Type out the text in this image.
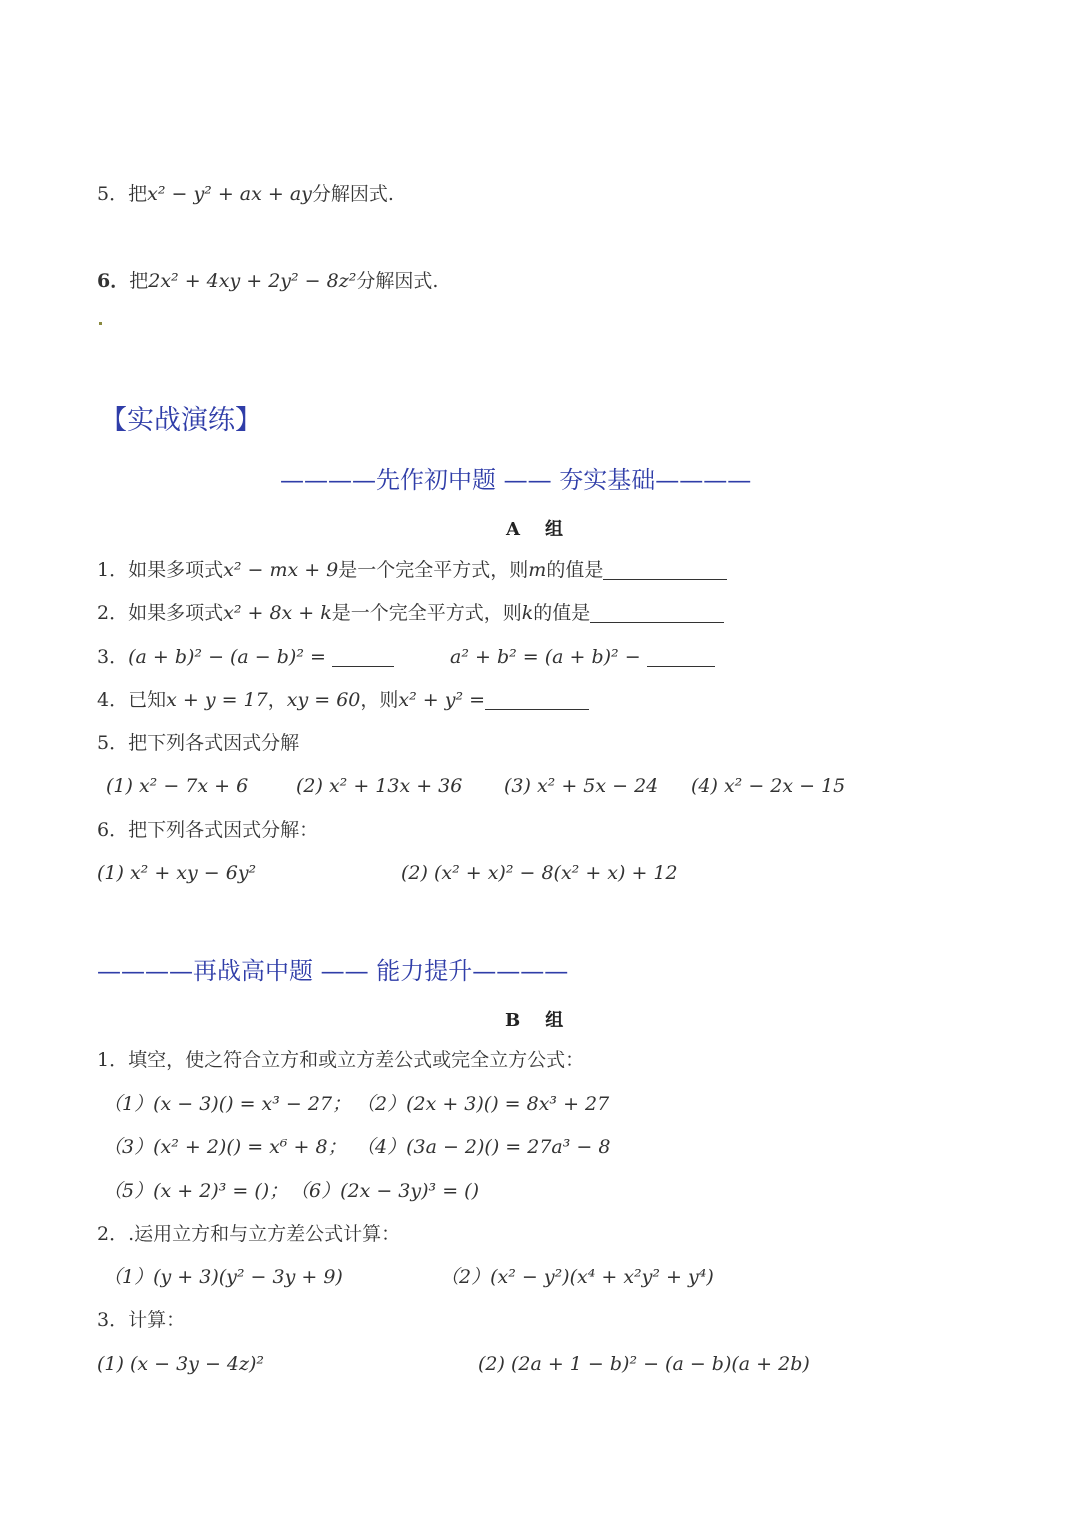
5．把x² − y² + ax + ay分解因式.
6．把2x² + 4xy + 2y² − 8z²分解因式.
【实战演练】
————先作初中题 —— 夯实基础————
A    组
1．如果多项式x² − mx + 9是一个完全平方式，则m的值是
2．如果多项式x² + 8x + k是一个完全平方式，则k的值是
3．(a + b)² − (a − b)² =	a² + b² = (a + b)² −
4．已知x + y = 17，xy = 60，则x² + y² =
5．把下列各式因式分解
(1) x² − 7x + 6	(2) x² + 13x + 36 (3) x² + 5x − 24 (4) x² − 2x − 15
6．把下列各式因式分解：
(1) x² + xy − 6y²	(2) (x² + x)² − 8(x² + x) + 12
————再战高中题 —— 能力提升————
B    组
1．填空，使之符合立方和或立方差公式或完全立方公式：
（1）(x − 3)() = x³ − 27； （2）(2x + 3)() = 8x³ + 27
（3）(x² + 2)() = x⁶ + 8； （4）(3a − 2)() = 27a³ − 8
（5）(x + 2)³ = ()； （6）(2x − 3y)³ = ()
2．.运用立方和与立方差公式计算：
（1）(y + 3)(y² − 3y + 9)	（2）(x² − y²)(x⁴ + x²y² + y⁴)
3．计算：
(1) (x − 3y − 4z)²	(2) (2a + 1 − b)² − (a − b)(a + 2b)
